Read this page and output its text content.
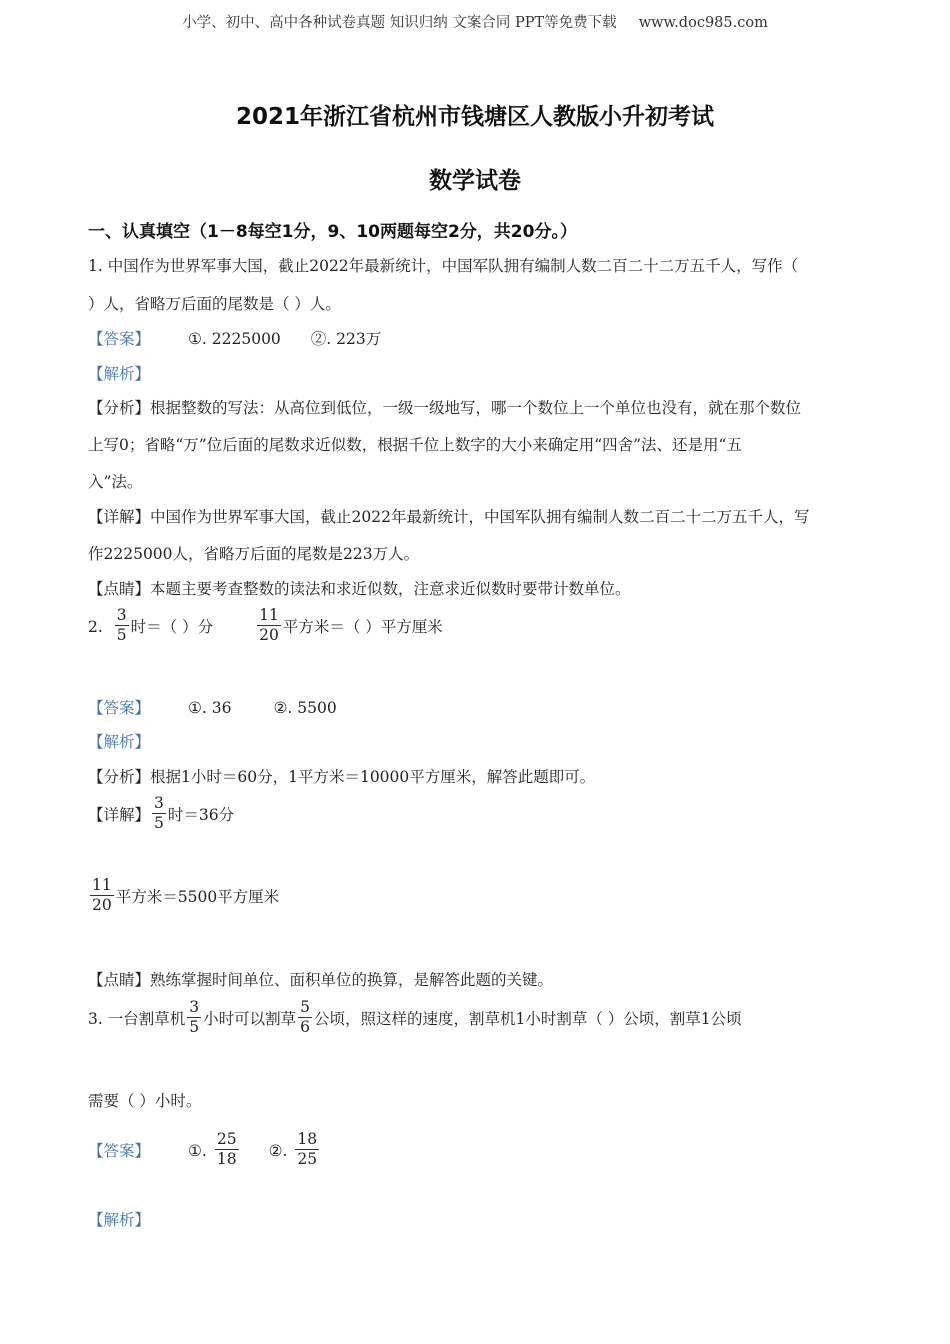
小学、初中、高中各种试卷真题 知识归纳 文案合同 PPT等免费下载 www.doc985.com
2021年浙江省杭州市钱塘区人教版小升初考试
数学试卷
一、认真填空（1－8每空1分，9、10两题每空2分，共20分。）
1. 中国作为世界军事大国，截止2022年最新统计，中国军队拥有编制人数二百二十二万五千人，写作（
）人，省略万后面的尾数是（ ）人。
【答案】 ①. 2225000 ②. 223万
【解析】
【分析】根据整数的写法：从高位到低位，一级一级地写，哪一个数位上一个单位也没有，就在那个数位
上写0；省略“万”位后面的尾数求近似数，根据千位上数字的大小来确定用“四舍”法、还是用“五
入”法。
【详解】中国作为世界军事大国，截止2022年最新统计，中国军队拥有编制人数二百二十二万五千人，写
作2225000人，省略万后面的尾数是223万人。
【点睛】本题主要考查整数的读法和求近似数，注意求近似数时要带计数单位。
2. $\frac{3}{5}$ 时＝（ ）分	$\frac{11}{20}$ 平方米＝（ ）平方厘米
【答案】 ①. 36	②. 5500
【解析】
【分析】根据1小时＝60分，1平方米＝10000平方厘米，解答此题即可。
【详解】 $\frac{3}{5}$ 时＝36分
$\frac{11}{20}$ 平方米＝5500平方厘米
【点睛】熟练掌握时间单位、面积单位的换算，是解答此题的关键。
3. 一台割草机 $\frac{3}{5}$ 小时可以割草 $\frac{5}{6}$ 公顷，照这样的速度，割草机1小时割草（ ）公顷，割草1公顷
需要（ ）小时。
【答案】 ①. $\frac{25}{18}$ ②. $\frac{18}{25}$
【解析】
